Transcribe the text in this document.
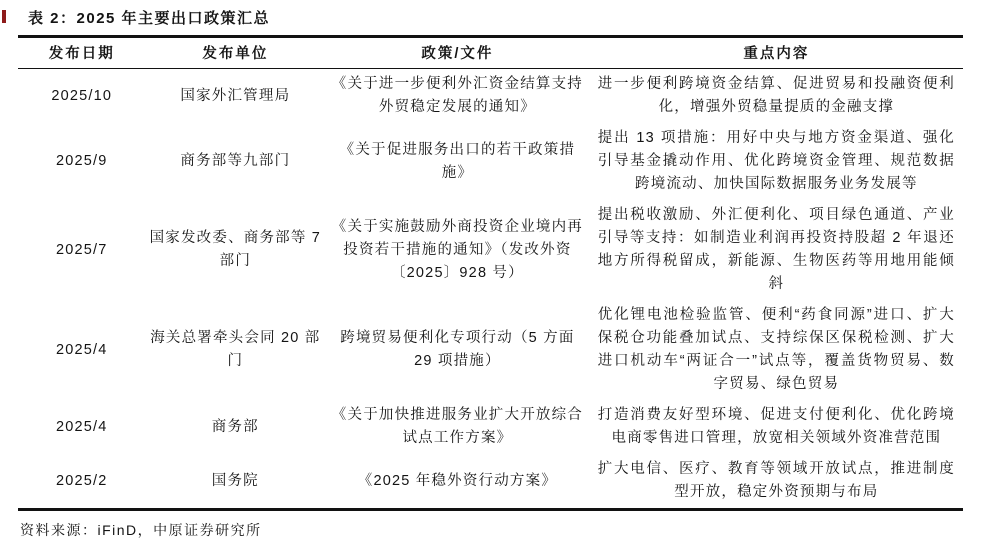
表 2：2025 年主要出口政策汇总
发布日期	发布单位	政策/文件	重点内容
2025/10	国家外汇管理局	《关于进一步便利外汇资金结算支持外贸稳定发展的通知》	进一步便利跨境资金结算、促进贸易和投融资便利化，增强外贸稳量提质的金融支撑
2025/9	商务部等九部门	《关于促进服务出口的若干政策措施》	提出 13 项措施：用好中央与地方资金渠道、强化引导基金撬动作用、优化跨境资金管理、规范数据跨境流动、加快国际数据服务业务发展等
2025/7	国家发改委、商务部等 7 部门	《关于实施鼓励外商投资企业境内再投资若干措施的通知》（发改外资〔2025〕928 号）	提出税收激励、外汇便利化、项目绿色通道、产业引导等支持：如制造业利润再投资持股超 2 年退还地方所得税留成，新能源、生物医药等用地用能倾斜
2025/4	海关总署牵头会同 20 部门	跨境贸易便利化专项行动（5 方面 29 项措施）	优化锂电池检验监管、便利“药食同源”进口、扩大保税仓功能叠加试点、支持综保区保税检测、扩大进口机动车“两证合一”试点等，覆盖货物贸易、数字贸易、绿色贸易
2025/4	商务部	《关于加快推进服务业扩大开放综合试点工作方案》	打造消费友好型环境、促进支付便利化、优化跨境电商零售进口管理，放宽相关领域外资准营范围
2025/2	国务院	《2025 年稳外资行动方案》	扩大电信、医疗、教育等领域开放试点，推进制度型开放，稳定外资预期与布局
资料来源：iFinD，中原证券研究所
